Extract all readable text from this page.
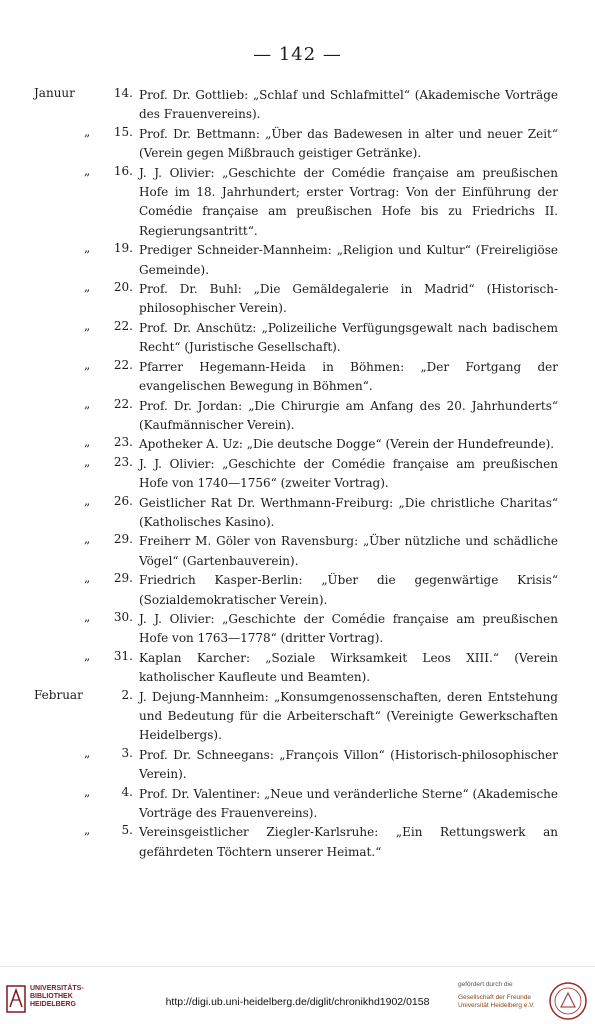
— 142 —
Januur	14. Prof. Dr. Gottlieb: „Schlaf und Schlafmittel“ (Akademische Vorträge des Frauenvereins).
„	15. Prof. Dr. Bettmann: „Über das Badewesen in alter und neuer Zeit“ (Verein gegen Mißbrauch geistiger Getränke).
„	16. J. J. Olivier: „Geschichte der Comédie française am preußischen Hofe im 18. Jahrhundert; erster Vortrag: Von der Einführung der Comédie française am preußischen Hofe bis zu Friedrichs II. Regierungsantritt“.
„	19. Prediger Schneider-Mannheim: „Religion und Kultur“ (Freireligiöse Gemeinde).
„	20. Prof. Dr. Buhl: „Die Gemäldegalerie in Madrid“ (Historisch-philosophischer Verein).
„	22. Prof. Dr. Anschütz: „Polizeiliche Verfügungsgewalt nach badischem Recht“ (Juristische Gesellschaft).
„	22. Pfarrer Hegemann-Heida in Böhmen: „Der Fortgang der evangelischen Bewegung in Böhmen“.
„	22. Prof. Dr. Jordan: „Die Chirurgie am Anfang des 20. Jahrhunderts“ (Kaufmännischer Verein).
„	23. Apotheker A. Uz: „Die deutsche Dogge“ (Verein der Hundefreunde).
„	23. J. J. Olivier: „Geschichte der Comédie française am preußischen Hofe von 1740—1756“ (zweiter Vortrag).
„	26. Geistlicher Rat Dr. Werthmann-Freiburg: „Die christliche Charitas“ (Katholisches Kasino).
„	29. Freiherr M. Göler von Ravensburg: „Über nützliche und schädliche Vögel“ (Gartenbauverein).
„	29. Friedrich Kasper-Berlin: „Über die gegenwärtige Krisis“ (Sozialdemokratischer Verein).
„	30. J. J. Olivier: „Geschichte der Comédie française am preußischen Hofe von 1763—1778“ (dritter Vortrag).
„	31. Kaplan Karcher: „Soziale Wirksamkeit Leos XIII.“ (Verein katholischer Kaufleute und Beamten).
Februar	2. J. Dejung-Mannheim: „Konsumgenossenschaften, deren Entstehung und Bedeutung für die Arbeiterschaft“ (Vereinigte Gewerkschaften Heidelbergs).
„	3. Prof. Dr. Schneegans: „François Villon“ (Historisch-philosophischer Verein).
„	4. Prof. Dr. Valentiner: „Neue und veränderliche Sterne“ (Akademische Vorträge des Frauenvereins).
„	5. Vereinsgeistlicher Ziegler-Karlsruhe: „Ein Rettungswerk an gefährdeten Töchtern unserer Heimat.“
UNIVERSITÄTS-
BIBLIOTHEK
HEIDELBERG	http://digi.ub.uni-heidelberg.de/diglit/chronikhd1902/0158
gefördert durch die
Gesellschaft der Freunde
Universität Heidelberg e.V.
